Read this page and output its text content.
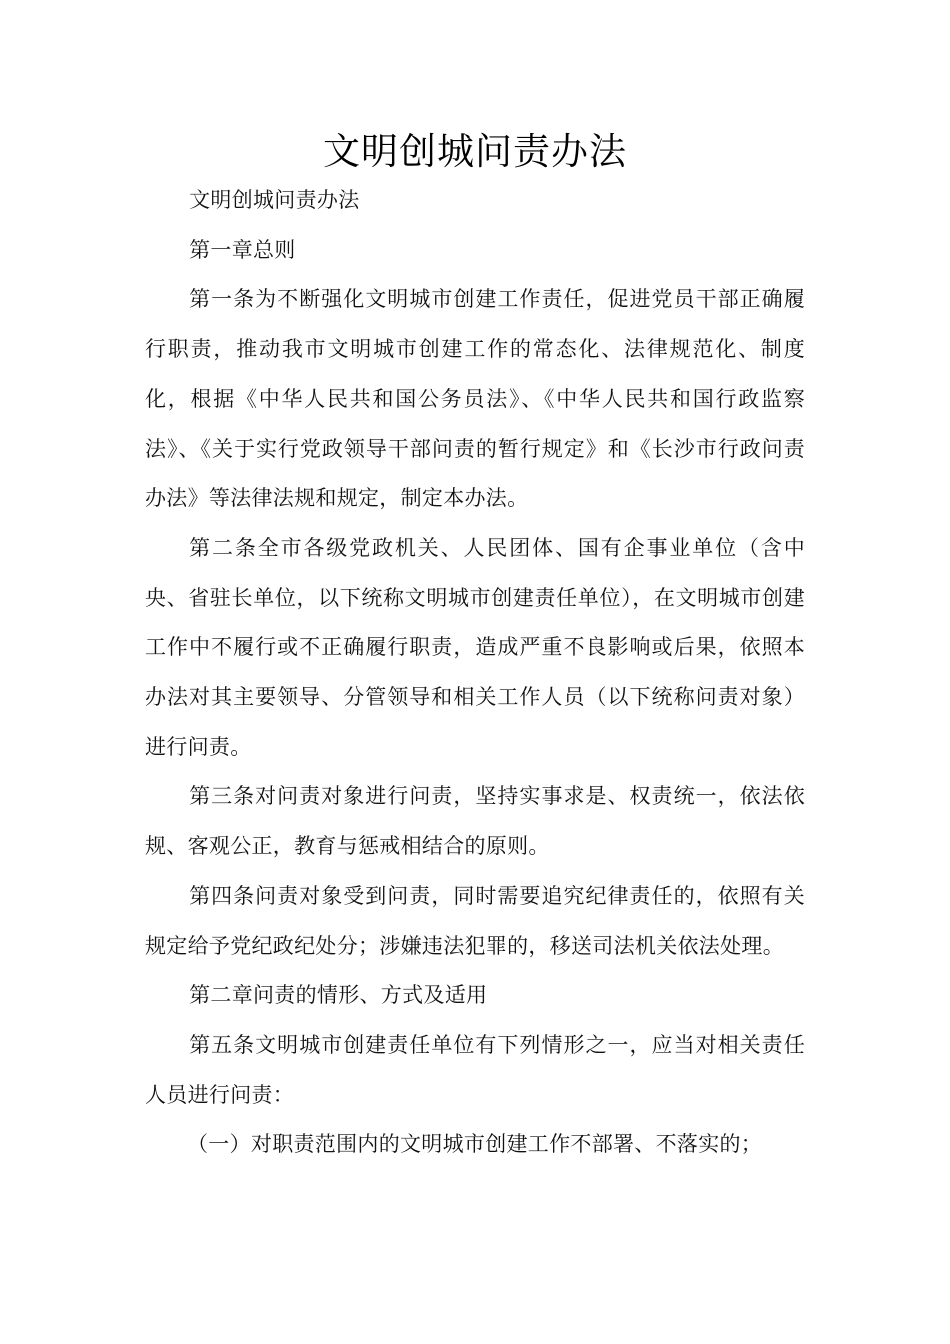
文明创城问责办法

文明创城问责办法

第一章总则

第一条为不断强化文明城市创建工作责任，促进党员干部正确履行职责，推动我市文明城市创建工作的常态化、法律规范化、制度化，根据《中华人民共和国公务员法》、《中华人民共和国行政监察法》、《关于实行党政领导干部问责的暂行规定》和《长沙市行政问责办法》等法律法规和规定，制定本办法。

第二条全市各级党政机关、人民团体、国有企事业单位（含中央、省驻长单位，以下统称文明城市创建责任单位），在文明城市创建工作中不履行或不正确履行职责，造成严重不良影响或后果，依照本办法对其主要领导、分管领导和相关工作人员（以下统称问责对象）进行问责。

第三条对问责对象进行问责，坚持实事求是、权责统一，依法依规、客观公正，教育与惩戒相结合的原则。

第四条问责对象受到问责，同时需要追究纪律责任的，依照有关规定给予党纪政纪处分；涉嫌违法犯罪的，移送司法机关依法处理。

第二章问责的情形、方式及适用

第五条文明城市创建责任单位有下列情形之一，应当对相关责任人员进行问责：

（一）对职责范围内的文明城市创建工作不部署、不落实的；
